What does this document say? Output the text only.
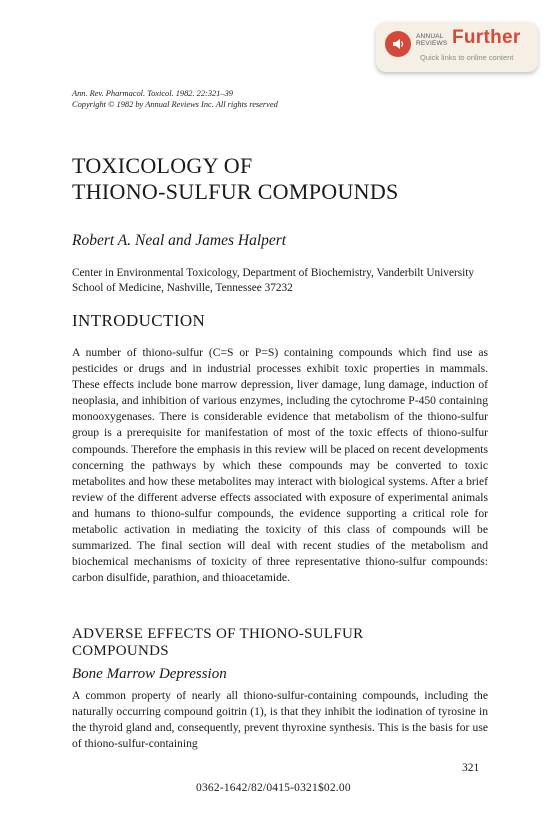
ANNUAL REVIEWS Further
Quick links to online content
Ann. Rev. Pharmacol. Toxicol. 1982. 22:321–39
Copyright © 1982 by Annual Reviews Inc. All rights reserved
TOXICOLOGY OF
THIONO-SULFUR COMPOUNDS
Robert A. Neal and James Halpert
Center in Environmental Toxicology, Department of Biochemistry, Vanderbilt University School of Medicine, Nashville, Tennessee 37232
INTRODUCTION

A number of thiono-sulfur (C=S or P=S) containing compounds which find use as pesticides or drugs and in industrial processes exhibit toxic properties in mammals. These effects include bone marrow depression, liver damage, lung damage, induction of neoplasia, and inhibition of various enzymes, including the cytochrome P-450 containing monooxygenases. There is considerable evidence that metabolism of the thiono-sulfur group is a prerequisite for manifestation of most of the toxic effects of thiono-sulfur compounds. Therefore the emphasis in this review will be placed on recent developments concerning the pathways by which these compounds may be converted to toxic metabolites and how these metabolites may interact with biological systems. After a brief review of the different adverse effects associated with exposure of experimental animals and humans to thiono-sulfur compounds, the evidence supporting a critical role for metabolic activation in mediating the toxicity of this class of compounds will be summarized. The final section will deal with recent studies of the metabolism and biochemical mechanisms of toxicity of three representative thiono-sulfur compounds: carbon disulfide, parathion, and thioacetamide.

ADVERSE EFFECTS OF THIONO-SULFUR
COMPOUNDS
Bone Marrow Depression

A common property of nearly all thiono-sulfur-containing compounds, including the naturally occurring compound goitrin (1), is that they inhibit the iodination of tyrosine in the thyroid gland and, consequently, prevent thyroxine synthesis. This is the basis for use of thiono-sulfur-containing

321
0362-1642/82/0415-0321$02.00
